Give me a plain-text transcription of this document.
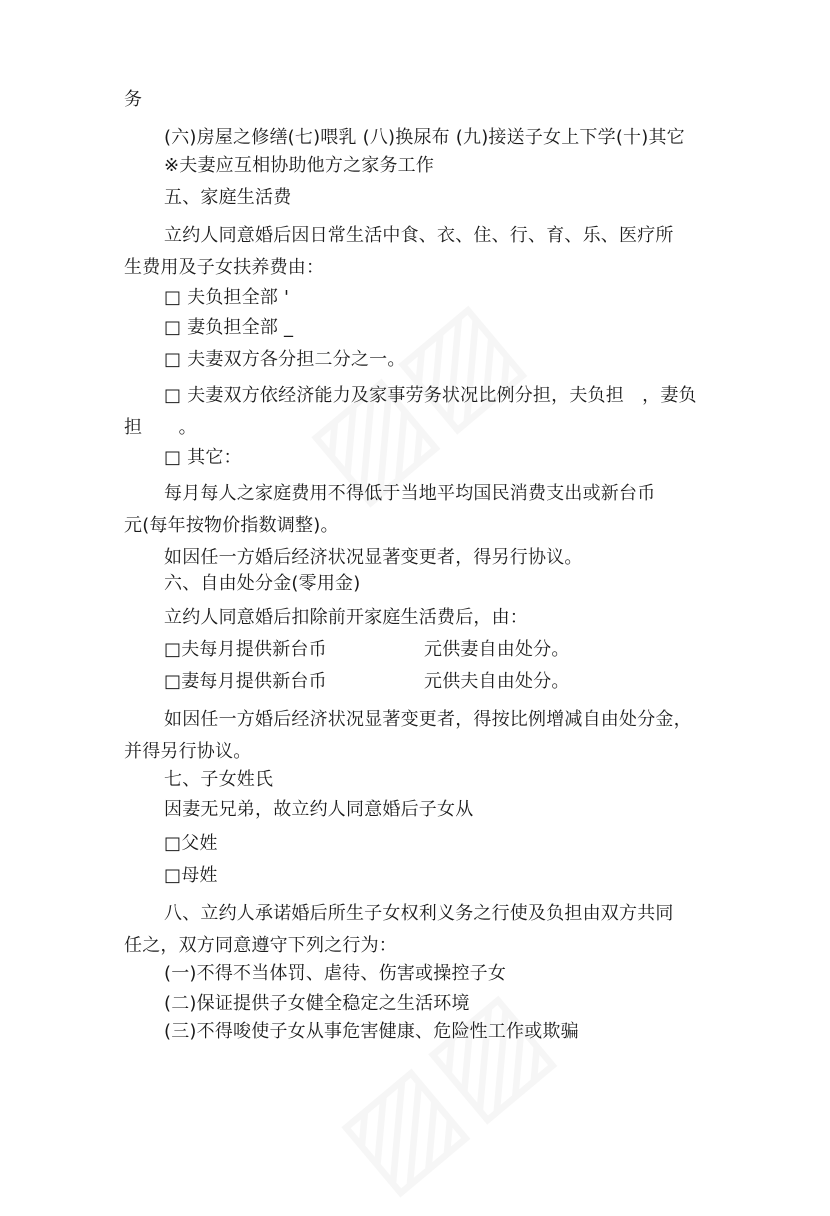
务
(六)房屋之修缮(七)喂乳 (八)换尿布 (九)接送子女上下学(十)其它
※夫妻应互相协助他方之家务工作
五、家庭生活费
立约人同意婚后因日常生活中食、衣、住、行、育、乐、医疗所
生费用及子女扶养费由：
□ 夫负担全部 '
□ 妻负担全部 _
□ 夫妻双方各分担二分之一。
□ 夫妻双方依经济能力及家事劳务状况比例分担，夫负担　，妻负
担　　。
□ 其它：
每月每人之家庭费用不得低于当地平均国民消费支出或新台币
元(每年按物价指数调整)。
如因任一方婚后经济状况显著变更者，得另行协议。
六、自由处分金(零用金)
立约人同意婚后扣除前开家庭生活费后，由：
□夫每月提供新台币	元供妻自由处分。
□妻每月提供新台币	元供夫自由处分。
如因任一方婚后经济状况显著变更者，得按比例增减自由处分金，
并得另行协议。
七、子女姓氏
因妻无兄弟，故立约人同意婚后子女从
□父姓
□母姓
八、立约人承诺婚后所生子女权利义务之行使及负担由双方共同
任之，双方同意遵守下列之行为：
(一)不得不当体罚、虐待、伤害或操控子女
(二)保证提供子女健全稳定之生活环境
(三)不得唆使子女从事危害健康、危险性工作或欺骗
